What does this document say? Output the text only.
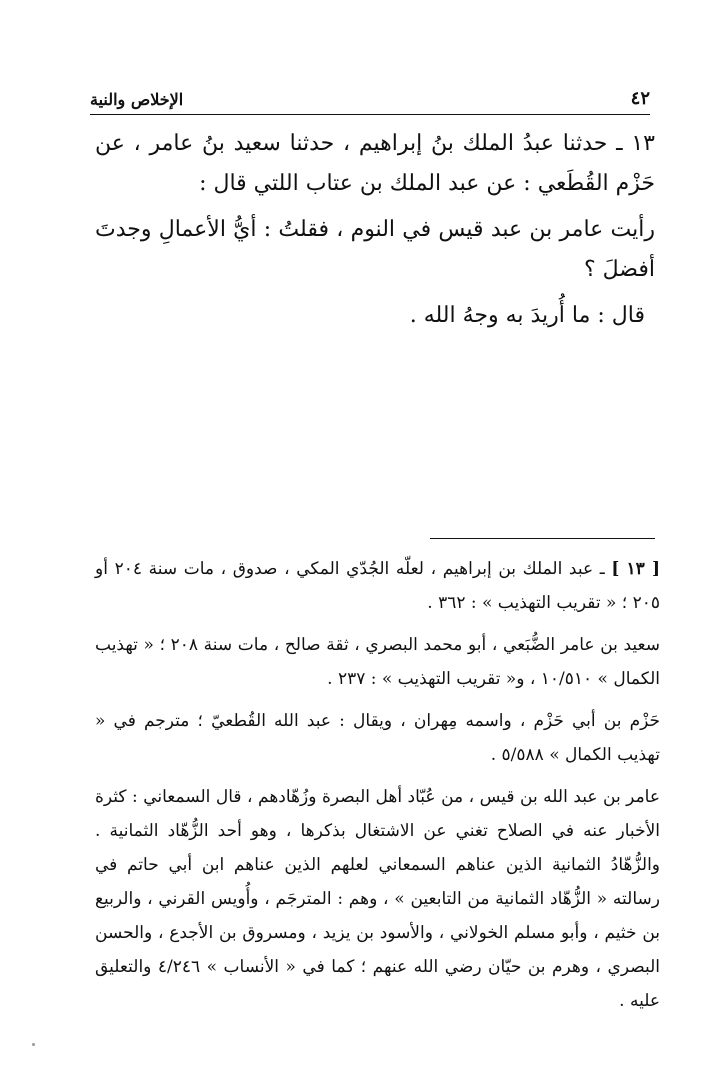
٤٢
الإخلاص والنية

١٣ ـ حدثنا عبدُ الملك بنُ إبراهيم ، حدثنا سعيد بنُ عامر ، عن حَزْم القُطَعي : عن عبد الملك بن عتاب اللتي قال :

رأيت عامر بن عبد قيس في النوم ، فقلتُ : أيُّ الأعمالِ وجدتَ أفضلَ ؟

قال : ما أُريدَ به وجهُ الله .

[ ١٣ ] ـ عبد الملك بن إبراهيم ، لعلّه الجُدّي المكي ، صدوق ، مات سنة ٢٠٤ أو ٢٠٥ ؛ « تقريب التهذيب » : ٣٦٢ .

سعيد بن عامر الضُّبَعي ، أبو محمد البصري ، ثقة صالح ، مات سنة ٢٠٨ ؛ « تهذيب الكمال » ١٠/٥١٠ ، و« تقريب التهذيب » : ٢٣٧ .

حَزْم بن أبي حَزْم ، واسمه مِهران ، ويقال : عبد الله القُطعيّ ؛ مترجم في « تهذيب الكمال » ٥/٥٨٨ .

عامر بن عبد الله بن قيس ، من عُبّاد أهل البصرة وزُهّادهم ، قال السمعاني : كثرة الأخبار عنه في الصلاح تغني عن الاشتغال بذكرها ، وهو أحد الزُّهّاد الثمانية . والزُّهّادُ الثمانية الذين عناهم السمعاني لعلهم الذين عناهم ابن أبي حاتم في رسالته « الزُّهّاد الثمانية من التابعين » ، وهم : المترجَم ، وأُويس القرني ، والربيع بن خثيم ، وأبو مسلم الخولاني ، والأسود بن يزيد ، ومسروق بن الأجدع ، والحسن البصري ، وهرم بن حيّان رضي الله عنهم ؛ كما في « الأنساب » ٤/٢٤٦ والتعليق عليه .
